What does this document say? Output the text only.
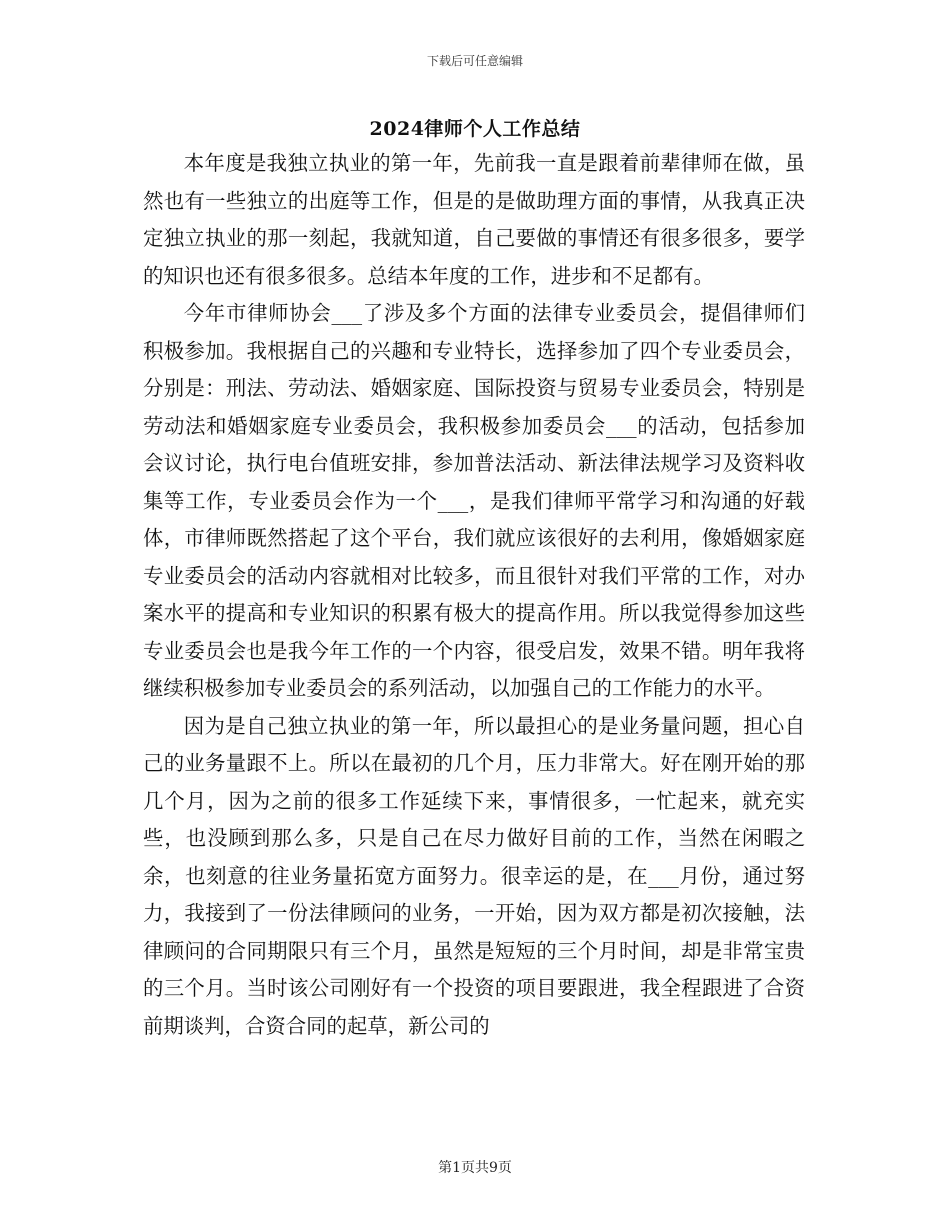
下载后可任意编辑
2024律师个人工作总结

本年度是我独立执业的第一年，先前我一直是跟着前辈律师在做，虽然也有一些独立的出庭等工作，但是的是做助理方面的事情，从我真正决定独立执业的那一刻起，我就知道，自己要做的事情还有很多很多，要学的知识也还有很多很多。总结本年度的工作，进步和不足都有。

今年市律师协会___了涉及多个方面的法律专业委员会，提倡律师们积极参加。我根据自己的兴趣和专业特长，选择参加了四个专业委员会，分别是：刑法、劳动法、婚姻家庭、国际投资与贸易专业委员会，特别是劳动法和婚姻家庭专业委员会，我积极参加委员会___的活动，包括参加会议讨论，执行电台值班安排，参加普法活动、新法律法规学习及资料收集等工作，专业委员会作为一个___，是我们律师平常学习和沟通的好载体，市律师既然搭起了这个平台，我们就应该很好的去利用，像婚姻家庭专业委员会的活动内容就相对比较多，而且很针对我们平常的工作，对办案水平的提高和专业知识的积累有极大的提高作用。所以我觉得参加这些专业委员会也是我今年工作的一个内容，很受启发，效果不错。明年我将继续积极参加专业委员会的系列活动，以加强自己的工作能力的水平。

因为是自己独立执业的第一年，所以最担心的是业务量问题，担心自己的业务量跟不上。所以在最初的几个月，压力非常大。好在刚开始的那几个月，因为之前的很多工作延续下来，事情很多，一忙起来，就充实些，也没顾到那么多，只是自己在尽力做好目前的工作，当然在闲暇之余，也刻意的往业务量拓宽方面努力。很幸运的是，在___月份，通过努力，我接到了一份法律顾问的业务，一开始，因为双方都是初次接触，法律顾问的合同期限只有三个月，虽然是短短的三个月时间，却是非常宝贵的三个月。当时该公司刚好有一个投资的项目要跟进，我全程跟进了合资前期谈判，合资合同的起草，新公司的

第1页共9页
